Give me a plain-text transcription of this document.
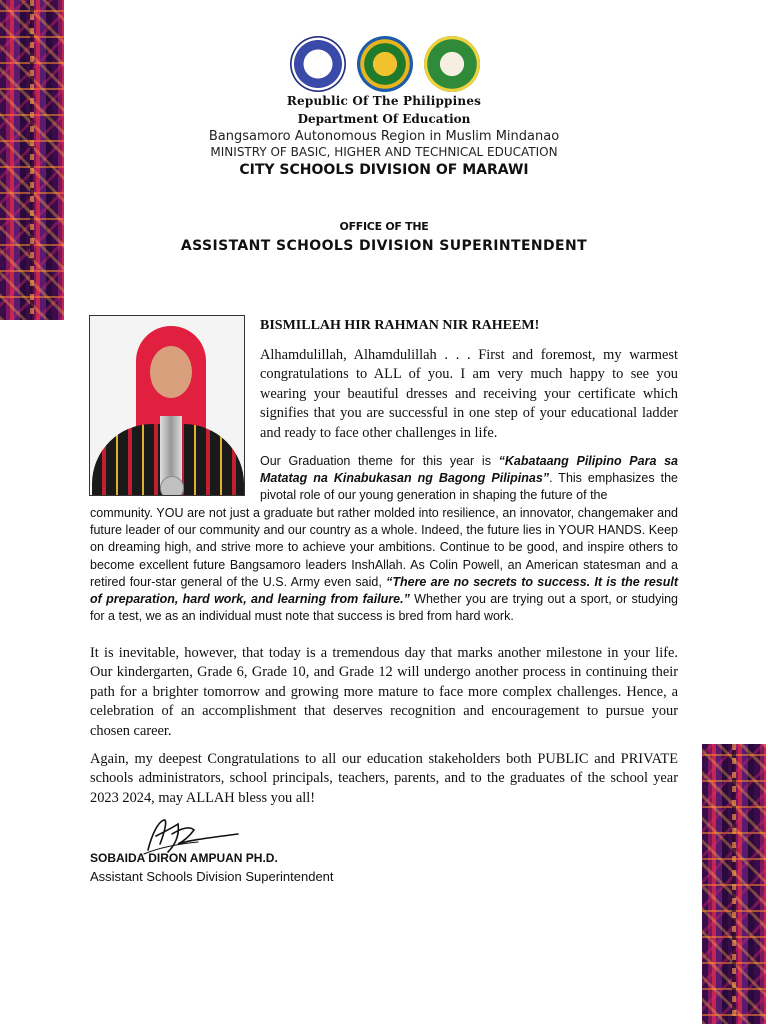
Republic Of The Philippines
Department Of Education
Bangsamoro Autonomous Region in Muslim Mindanao
MINISTRY OF BASIC, HIGHER AND TECHNICAL EDUCATION
CITY SCHOOLS DIVISION OF MARAWI
OFFICE OF THE
ASSISTANT SCHOOLS DIVISION SUPERINTENDENT
BISMILLAH HIR RAHMAN NIR RAHEEM!

Alhamdulillah, Alhamdulillah . . . First and foremost, my warmest congratulations to ALL of you. I am very much happy to see you wearing your beautiful dresses and receiving your certificate which signifies that you are successful in one step of your educational ladder and ready to face other challenges in life.

Our Graduation theme for this year is “Kabataang Pilipino Para sa Matatag na Kinabukasan ng Bagong Pilipinas”. This emphasizes the pivotal role of our young generation in shaping the future of the

community. YOU are not just a graduate but rather molded into resilience, an innovator, changemaker and future leader of our community and our country as a whole. Indeed, the future lies in YOUR HANDS. Keep on dreaming high, and strive more to achieve your ambitions. Continue to be good, and inspire others to become excellent future Bangsamoro leaders InshAllah. As Colin Powell, an American statesman and a retired four-star general of the U.S. Army even said, “There are no secrets to success. It is the result of preparation, hard work, and learning from failure.” Whether you are trying out a sport, or studying for a test, we as an individual must note that success is bred from hard work.

It is inevitable, however, that today is a tremendous day that marks another milestone in your life. Our kindergarten, Grade 6, Grade 10, and Grade 12 will undergo another process in continuing their path for a brighter tomorrow and growing more mature to face more complex challenges. Hence, a celebration of an accomplishment that deserves recognition and encouragement to pursue your chosen career.

Again, my deepest Congratulations to all our education stakeholders both PUBLIC and PRIVATE schools administrators, school principals, teachers, parents, and to the graduates of the school year 2023 2024, may ALLAH bless you all!

SOBAIDA DIRON AMPUAN PH.D.
Assistant Schools Division Superintendent
